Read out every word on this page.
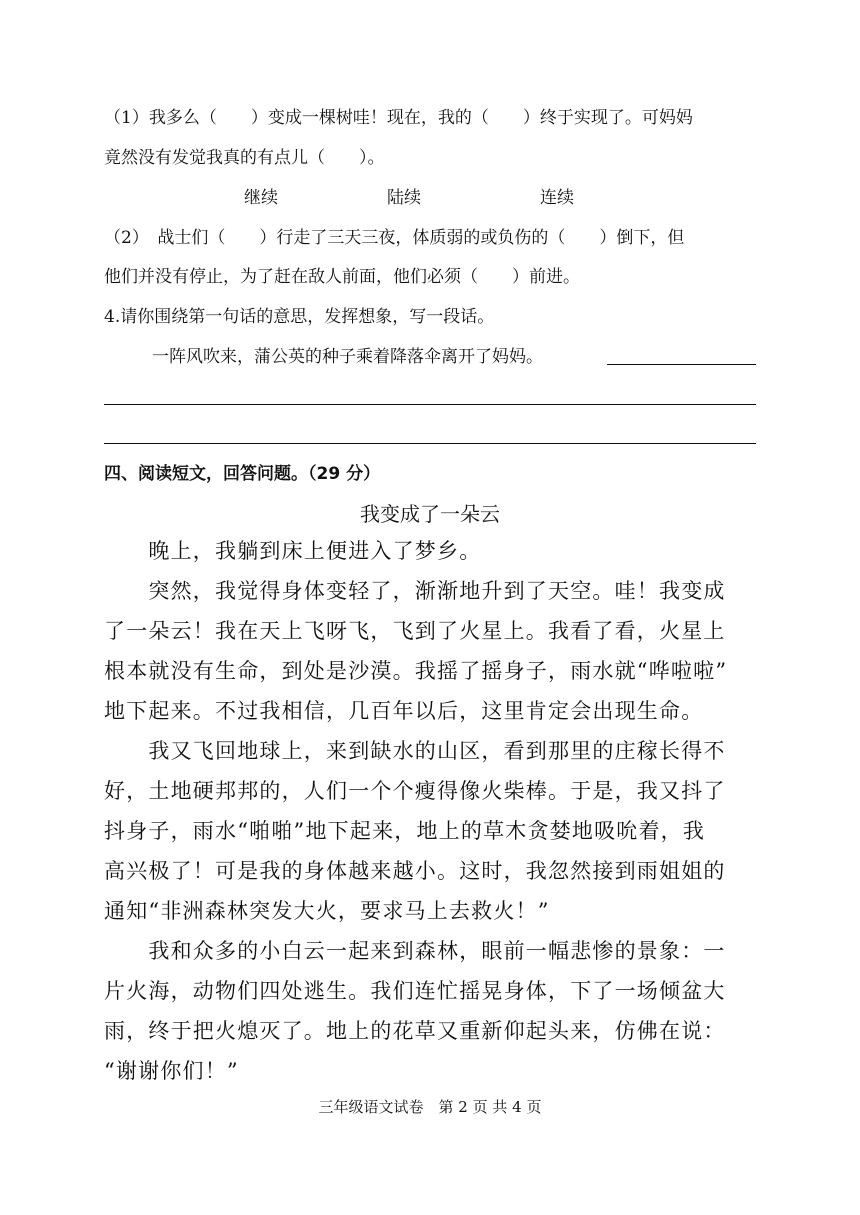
（1）我多么（　　）变成一棵树哇！现在，我的（　　）终于实现了。可妈妈
竟然没有发觉我真的有点儿（　　）。
继续	陆续	连续
（2）　战士们（　　）行走了三天三夜，体质弱的或负伤的（　　）倒下，但
他们并没有停止，为了赶在敌人前面，他们必须（　　）前进。
4.请你围绕第一句话的意思，发挥想象，写一段话。
一阵风吹来，蒲公英的种子乘着降落伞离开了妈妈。
四、阅读短文，回答问题。（29 分）
我变成了一朵云
　　晚上，我躺到床上便进入了梦乡。
　　突然，我觉得身体变轻了，渐渐地升到了天空。哇！我变成
了一朵云！我在天上飞呀飞，飞到了火星上。我看了看，火星上
根本就没有生命，到处是沙漠。我摇了摇身子，雨水就“哗啦啦”
地下起来。不过我相信，几百年以后，这里肯定会出现生命。
　　我又飞回地球上，来到缺水的山区，看到那里的庄稼长得不
好，土地硬邦邦的，人们一个个瘦得像火柴棒。于是，我又抖了
抖身子，雨水“啪啪”地下起来，地上的草木贪婪地吸吮着，我
高兴极了！可是我的身体越来越小。这时，我忽然接到雨姐姐的
通知“非洲森林突发大火，要求马上去救火！”
　　我和众多的小白云一起来到森林，眼前一幅悲惨的景象：一
片火海，动物们四处逃生。我们连忙摇晃身体，下了一场倾盆大
雨，终于把火熄灭了。地上的花草又重新仰起头来，仿佛在说：
“谢谢你们！”
三年级语文试卷　第 2 页 共 4 页
